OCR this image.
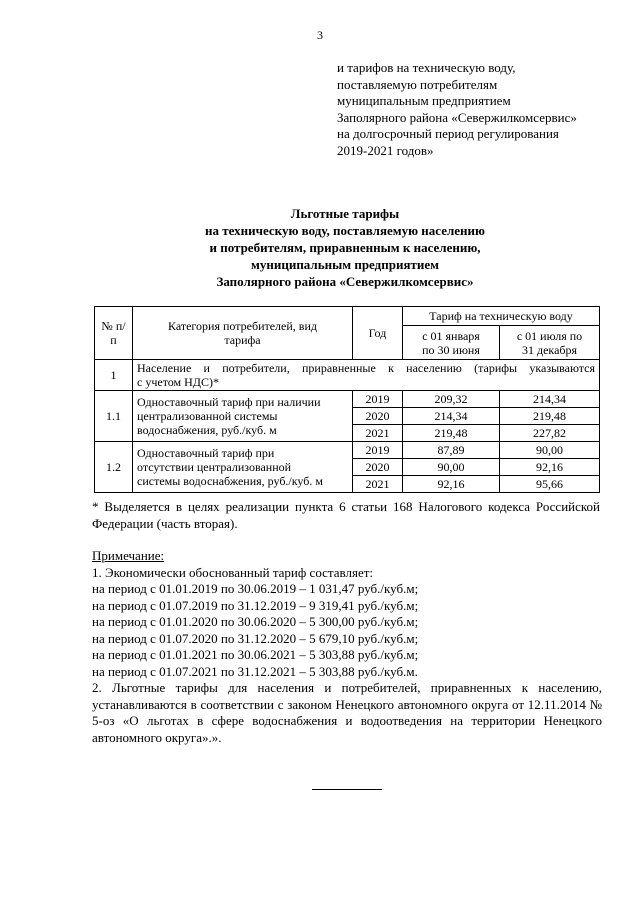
3
и тарифов на техническую воду,
поставляемую потребителям
муниципальным предприятием
Заполярного района «Севержилкомсервис»
на долгосрочный период регулирования
2019-2021 годов»
Льготные тарифы
на техническую воду, поставляемую населению
и потребителям, приравненным к населению,
муниципальным предприятием
Заполярного района «Севержилкомсервис»
№ п/п	Категория потребителей, вид тарифа	Год	Тариф на техническую воду	
			с 01 января по 30 июня	с 01 июля по 31 декабря
1	Население и потребители, приравненные к населению (тарифы указываются
с учетом НДС)*			

1.1	Одноставочный тариф при наличии
централизованной системы
водоснабжения, руб./куб. м	2019	209,32	214,34
		2020	214,34	219,48
		2021	219,48	227,82
1.2	Одноставочный тариф при
отсутствии централизованной
системы водоснабжения, руб./куб. м	2019	87,89	90,00
		2020	90,00	92,16
		2021	92,16	95,66
* Выделяется в целях реализации пункта 6 статьи 168 Налогового кодекса Российской Федерации (часть вторая).
Примечание:
1. Экономически обоснованный тариф составляет:
на период с 01.01.2019 по 30.06.2019 – 1 031,47 руб./куб.м;
на период с 01.07.2019 по 31.12.2019 – 9 319,41 руб./куб.м;
на период с 01.01.2020 по 30.06.2020 – 5 300,00 руб./куб.м;
на период с 01.07.2020 по 31.12.2020 – 5 679,10 руб./куб.м;
на период с 01.01.2021 по 30.06.2021 – 5 303,88 руб./куб.м;
на период с 01.07.2021 по 31.12.2021 – 5 303,88 руб./куб.м.
2. Льготные тарифы для населения и потребителей, приравненных к населению, устанавливаются в соответствии с законом Ненецкого автономного округа от 12.11.2014 № 5-оз «О льготах в сфере водоснабжения и водоотведения на территории Ненецкого автономного округа».».
